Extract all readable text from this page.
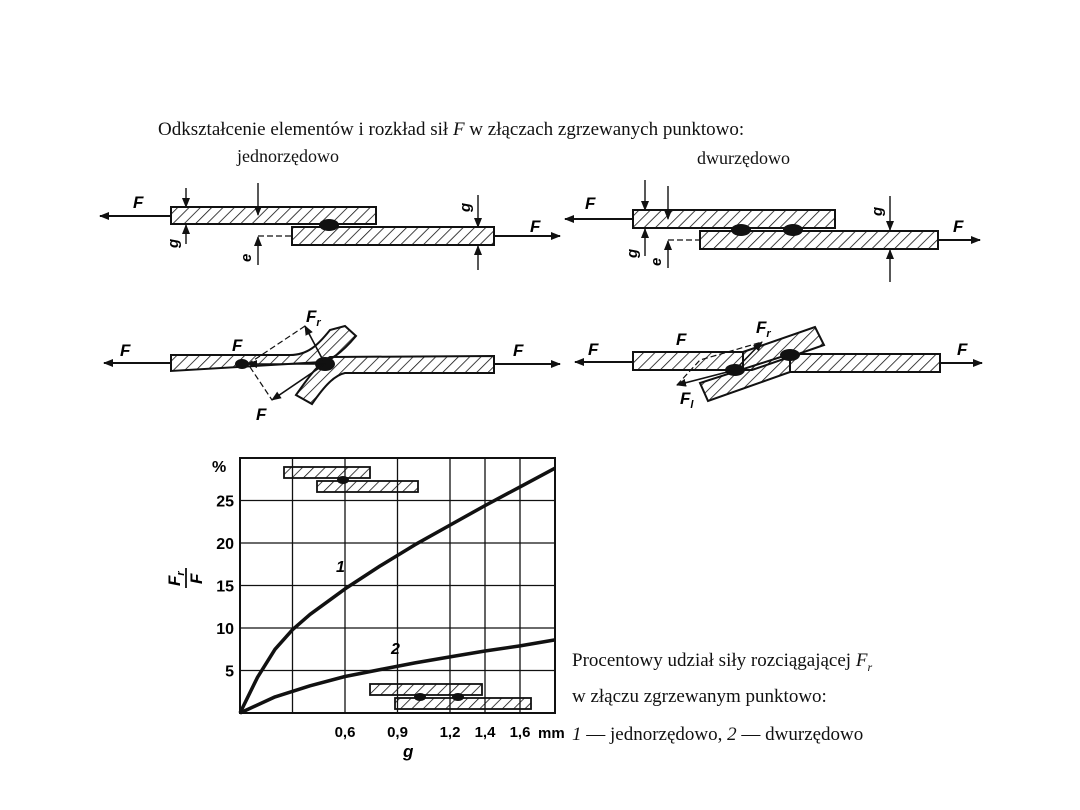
Odkształcenie elementów i rozkład sił F w złączach zgrzewanych punktowo:
jednorzędowo	dwurzędowo
F
F
g
e
g	F
F
g
e
g
F	F
F
$F_r$
F
F	F
F
$F_r$
$F_l$
5
10
15
20
25
0,6 0,9 1,2 1,4 1,6
%
mm
g
$F_r$
F
1
2
Procentowy udział siły rozciągającej $F_r$
w złączu zgrzewanym punktowo:
1 — jednorzędowo, 2 — dwurzędowo
